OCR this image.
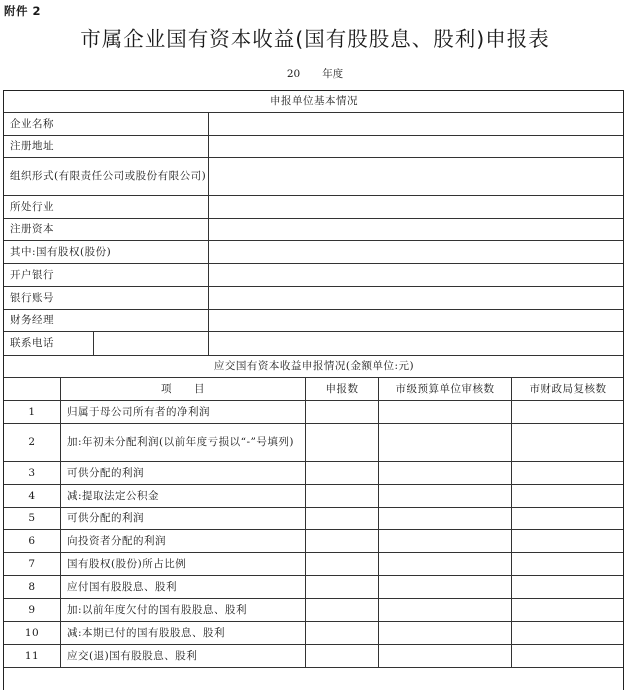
附件 2
市属企业国有资本收益(国有股股息、股利)申报表
20 年度
申报单位基本情况						
企业名称						
注册地址						
组织形式(有限责任公司或股份有限公司)						
所处行业						
注册资本						
其中:国有股权(股份)						
开户银行						
银行账号						
财务经理						
联系电话						
应交国有资本收益申报情况(金额单位:元)						
	项　　目			申报数	市级预算单位审核数	市财政局复核数
1	归属于母公司所有者的净利润					
2	加:年初未分配利润(以前年度亏损以“-”号填列)					
3	可供分配的利润					
4	减:提取法定公积金					
5	可供分配的利润					
6	向投资者分配的利润					
7	国有股权(股份)所占比例					
8	应付国有股股息、股利					
9	加:以前年度欠付的国有股股息、股利					
10	减:本期已付的国有股股息、股利					
11	应交(退)国有股股息、股利					
